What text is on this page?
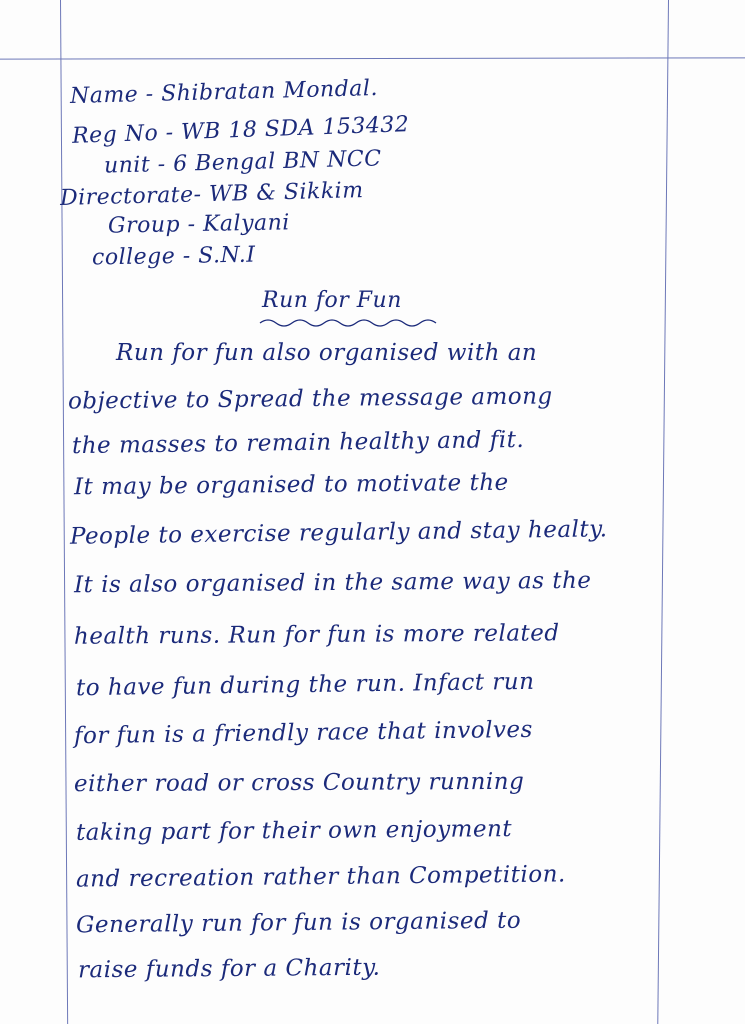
Name - Shibratan Mondal.
Reg No - WB 18 SDA 153432
unit - 6 Bengal BN NCC
Directorate- WB & Sikkim
Group - Kalyani
college - S.N.I
Run for Fun
Run for fun also organised with an
objective to Spread the message among
the masses to remain healthy and fit.
It may be organised to motivate the
People to exercise regularly and stay healty.
It is also organised in the same way as the
health runs. Run for fun is more related
to have fun during the run. Infact run
for fun is a friendly race that involves
either road or cross Country running
taking part for their own enjoyment
and recreation rather than Competition.
Generally run for fun is organised to
raise funds for a Charity.
